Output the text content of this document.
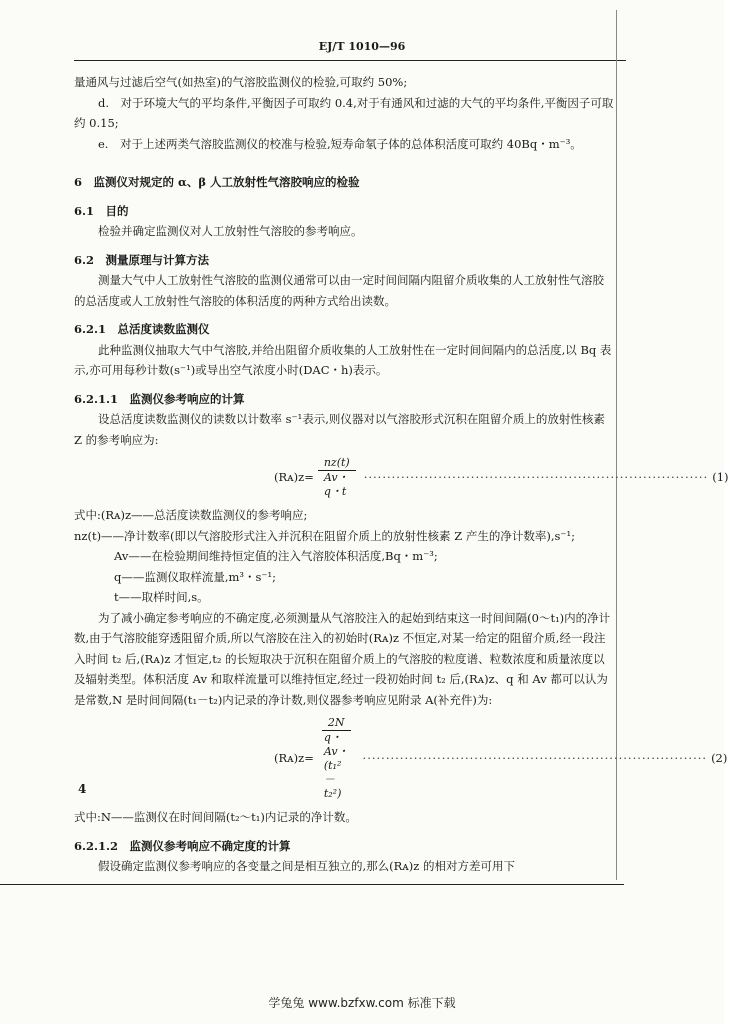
EJ/T 1010—96

量通风与过滤后空气(如热室)的气溶胶监测仪的检验,可取约 50%;

d.　对于环境大气的平均条件,平衡因子可取约 0.4,对于有通风和过滤的大气的平均条件,平衡因子可取约 0.15;

e.　对于上述两类气溶胶监测仪的校准与检验,短寿命氡子体的总体积活度可取约 40Bq・m⁻³。

6　监测仪对规定的 α、β 人工放射性气溶胶响应的检验

6.1　目的

检验并确定监测仪对人工放射性气溶胶的参考响应。

6.2　测量原理与计算方法

测量大气中人工放射性气溶胶的监测仪通常可以由一定时间间隔内阻留介质收集的人工放射性气溶胶的总活度或人工放射性气溶胶的体积活度的两种方式给出读数。

6.2.1　总活度读数监测仪

此种监测仪抽取大气中气溶胶,并给出阻留介质收集的人工放射性在一定时间间隔内的总活度,以 Bq 表示,亦可用每秒计数(s⁻¹)或导出空气浓度小时(DAC・h)表示。

6.2.1.1　监测仪参考响应的计算

设总活度读数监测仪的读数以计数率 s⁻¹表示,则仪器对以气溶胶形式沉积在阻留介质上的放射性核素 Z 的参考响应为:

(Rᴀ)z= $\frac{nz(t)}{Av・q・t}$ ·········································································· (1)

式中:(Rᴀ)z——总活度读数监测仪的参考响应;

nz(t)——净计数率(即以气溶胶形式注入并沉积在阻留介质上的放射性核素 Z 产生的净计数率),s⁻¹;

Av——在检验期间维持恒定值的注入气溶胶体积活度,Bq・m⁻³;

q——监测仪取样流量,m³・s⁻¹;

t——取样时间,s。

为了减小确定参考响应的不确定度,必须测量从气溶胶注入的起始到结束这一时间间隔(0～t₁)内的净计数,由于气溶胶能穿透阻留介质,所以气溶胶在注入的初始时(Rᴀ)z 不恒定,对某一给定的阻留介质,经一段注入时间 t₂ 后,(Rᴀ)z 才恒定,t₂ 的长短取决于沉积在阻留介质上的气溶胶的粒度谱、粒数浓度和质量浓度以及辐射类型。体积活度 Av 和取样流量可以维持恒定,经过一段初始时间 t₂ 后,(Rᴀ)z、q 和 Av 都可以认为是常数,N 是时间间隔(t₁－t₂)内记录的净计数,则仪器参考响应见附录 A(补充件)为:

(Rᴀ)z= $\frac{2N}{\text{q・Av・(t₁²－t₂²)}}$ ·········································································· (2)

式中:N——监测仪在时间间隔(t₂～t₁)内记录的净计数。

6.2.1.2　监测仪参考响应不确定度的计算

假设确定监测仪参考响应的各变量之间是相互独立的,那么(Rᴀ)z 的相对方差可用下

4
学兔兔 www.bzfxw.com 标准下载
